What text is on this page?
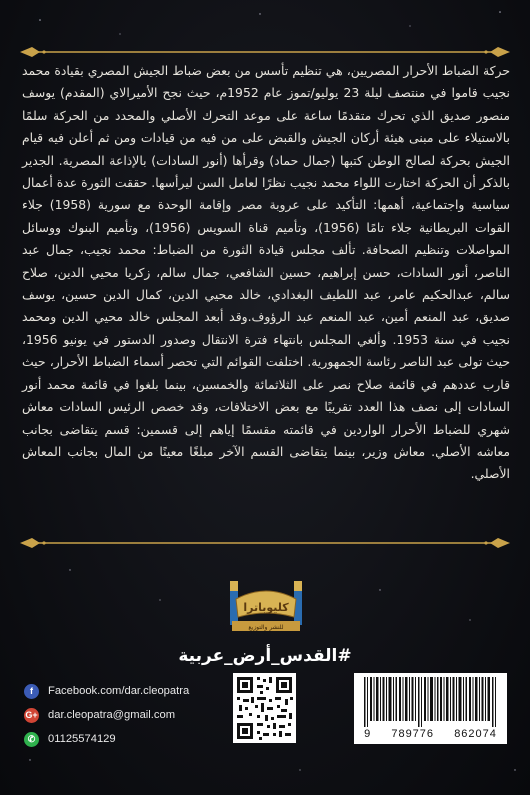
حركة الضباط الأحرار المصريين، هي تنظيم تأسس من بعض ضباط الجيش المصري بقيادة محمد نجيب قاموا في منتصف ليلة 23 يوليو/تموز عام 1952م، حيث نجح الأميرالاي (المقدم) يوسف منصور صديق الذي تحرك متقدمًا ساعة على موعد التحرك الأصلي والمحدد من الحركة سلمًا بالاستيلاء على مبنى هيئة أركان الجيش والقبض على من فيه من قيادات ومن ثم أعلن فيه قيام الجيش بحركة لصالح الوطن كتبها (جمال حماد) وقرأها (أنور السادات) بالإذاعة المصرية. الجدير بالذكر أن الحركة اختارت اللواء محمد نجيب نظرًا لعامل السن ليرأسها. حققت الثورة عدة أعمال سياسية واجتماعية، أهمها: التأكيد على عروبة مصر وإقامة الوحدة مع سورية (1958) جلاء القوات البريطانية جلاء تامًا (1956)، وتأميم قناة السويس (1956)، وتأميم البنوك ووسائل المواصلات وتنظيم الصحافة. تألف مجلس قيادة الثورة من الضباط: محمد نجيب، جمال عبد الناصر، أنور السادات، حسن إبراهيم، حسين الشافعي، جمال سالم، زكريا محيي الدين، صلاح سالم، عبدالحكيم عامر، عبد اللطيف البغدادي، خالد محيي الدين، كمال الدين حسين، يوسف صديق، عبد المنعم أمين، عبد المنعم عبد الرؤوف.وقد أبعد المجلس خالد محيي الدين ومحمد نجيب في سنة 1953. وألغي المجلس بانتهاء فترة الانتقال وصدور الدستور في يونيو 1956، حيث تولى عبد الناصر رئاسة الجمهورية. اختلفت القوائم التي تحصر أسماء الضباط الأحرار، حيث قارب عددهم في قائمة صلاح نصر على الثلاثمائة والخمسين، بينما بلغوا في قائمة محمد أنور السادات إلى نصف هذا العدد تقريبًا مع بعض الاختلافات، وقد خصص الرئيس السادات معاش شهري للضباط الأحرار الواردين في قائمته مقسمًا إياهم إلى قسمين: قسم يتقاضى بجانب معاشه الأصلي. معاش وزير، بينما يتقاضى القسم الآخر مبلغًا معينًا من المال بجانب المعاش الأصلي.

كليوباترا
للنشر والتوزيع
#القدس_أرض_عربية
f	Facebook.com/dar.cleopatra
G+ dar.cleopatra@gmail.com
✆	01125574129	9 789776 862074
